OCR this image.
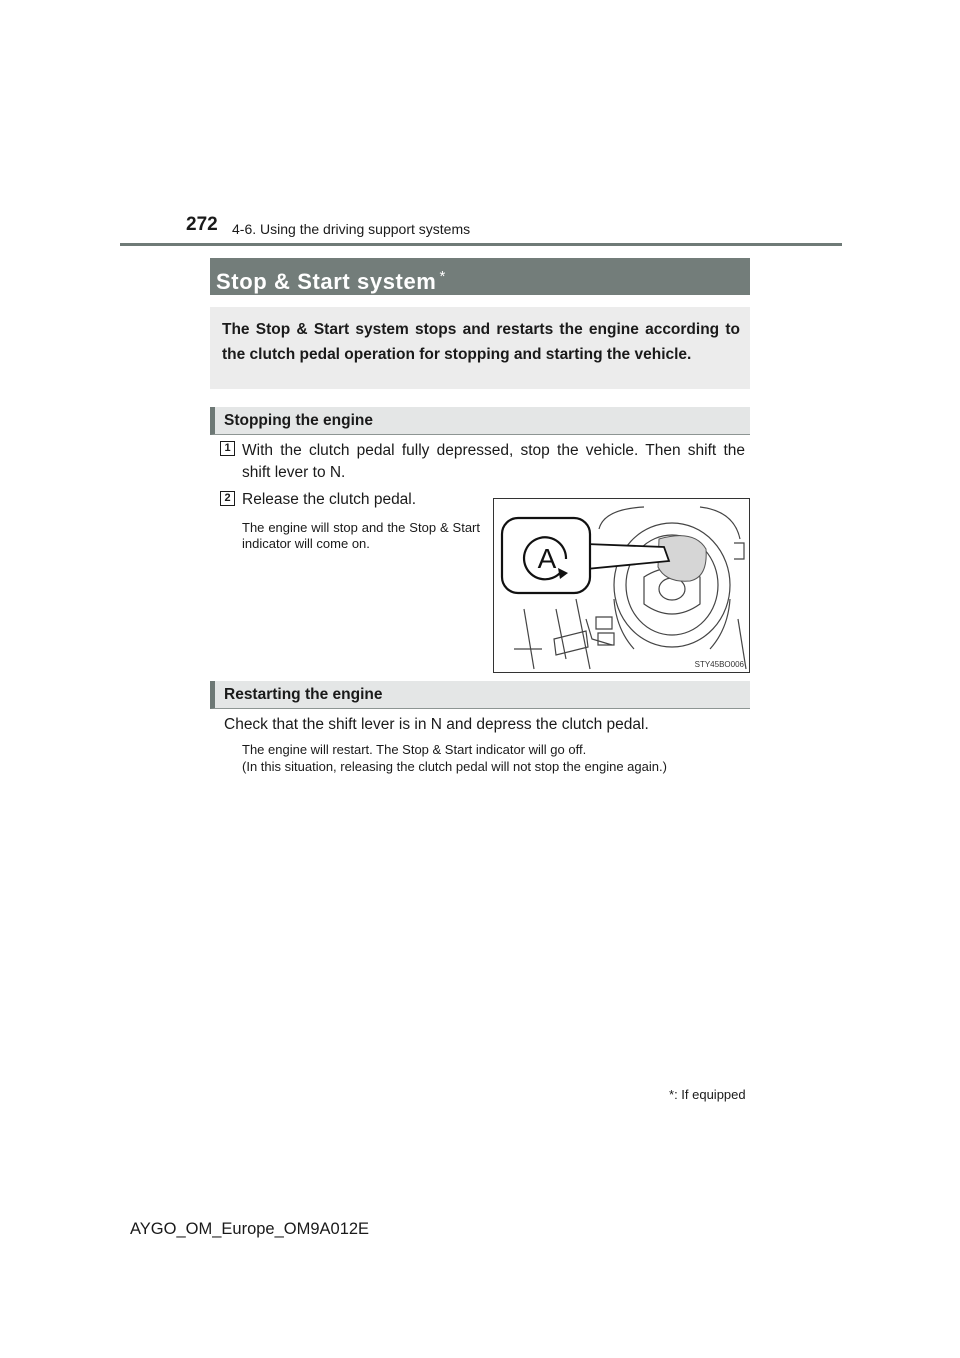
272 4-6. Using the driving support systems
Stop & Start system *
The Stop & Start system stops and restarts the engine according to the clutch pedal operation for stopping and starting the vehicle.
Stopping the engine
1 With the clutch pedal fully depressed, stop the vehicle. Then shift the shift lever to N.
2 Release the clutch pedal.
The engine will stop and the Stop & Start indicator will come on.	A
STY45BO006
Restarting the engine
Check that the shift lever is in N and depress the clutch pedal.
The engine will restart. The Stop & Start indicator will go off.
(In this situation, releasing the clutch pedal will not stop the engine again.)
*: If equipped
AYGO_OM_Europe_OM9A012E
